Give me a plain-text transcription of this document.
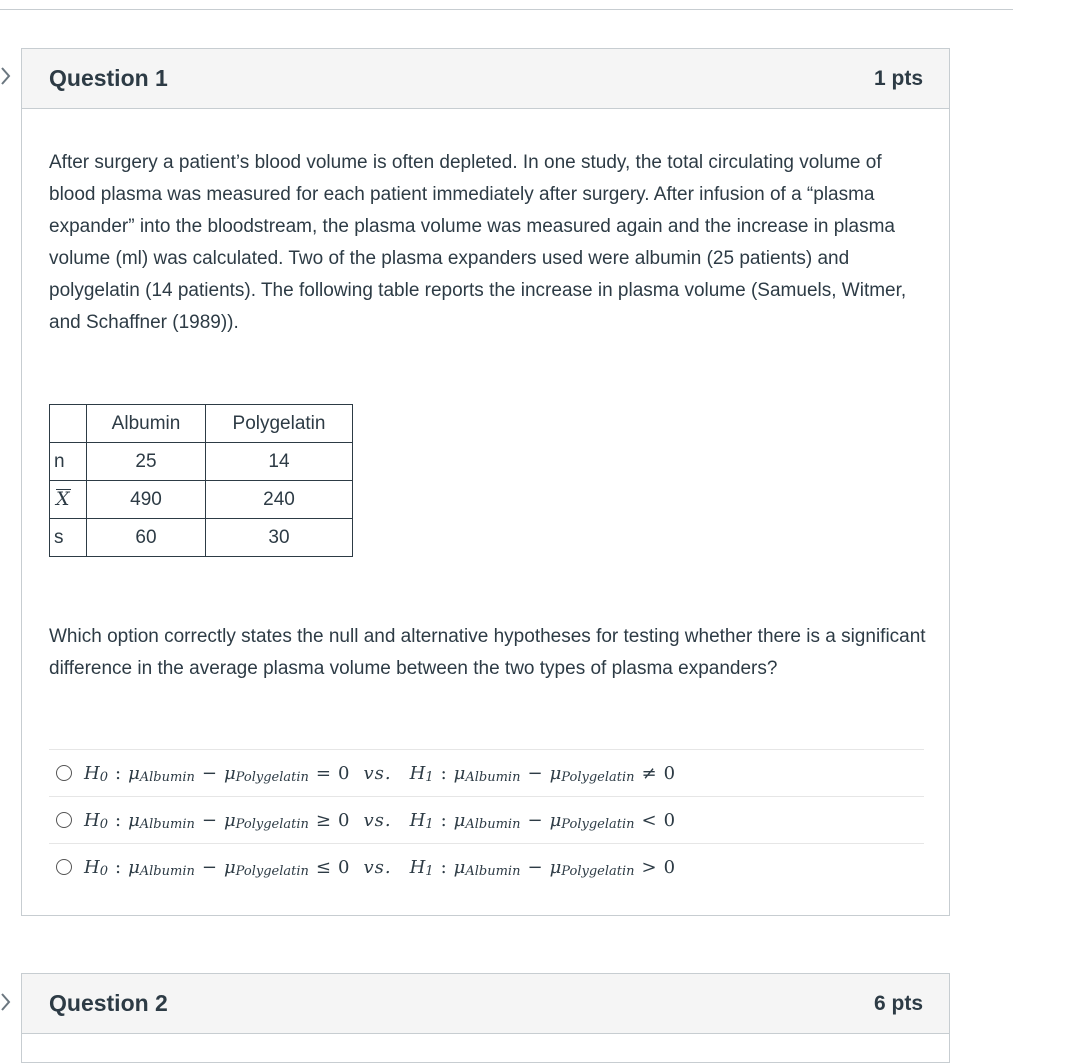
Question 1	1 pts

After surgery a patient’s blood volume is often depleted. In one study, the total circulating volume of blood plasma was measured for each patient immediately after surgery. After infusion of a “plasma expander” into the bloodstream, the plasma volume was measured again and the increase in plasma volume (ml) was calculated. Two of the plasma expanders used were albumin (25 patients) and polygelatin (14 patients). The following table reports the increase in plasma volume (Samuels, Witmer, and Schaffner (1989)).

	Albumin	Polygelatin
n	25	14
X	490	240
s	60	30

Which option correctly states the null and alternative hypotheses for testing whether there is a significant difference in the average plasma volume between the two types of plasma expanders?

H 0 : μ Albumin − μ Polygelatin = 0 vs. H 1 : μ Albumin − μ Polygelatin ≠ 0
H 0 : μ Albumin − μ Polygelatin ≥ 0 vs. H 1 : μ Albumin − μ Polygelatin < 0
H 0 : μ Albumin − μ Polygelatin ≤ 0 vs. H 1 : μ Albumin − μ Polygelatin > 0
Question 2	6 pts
